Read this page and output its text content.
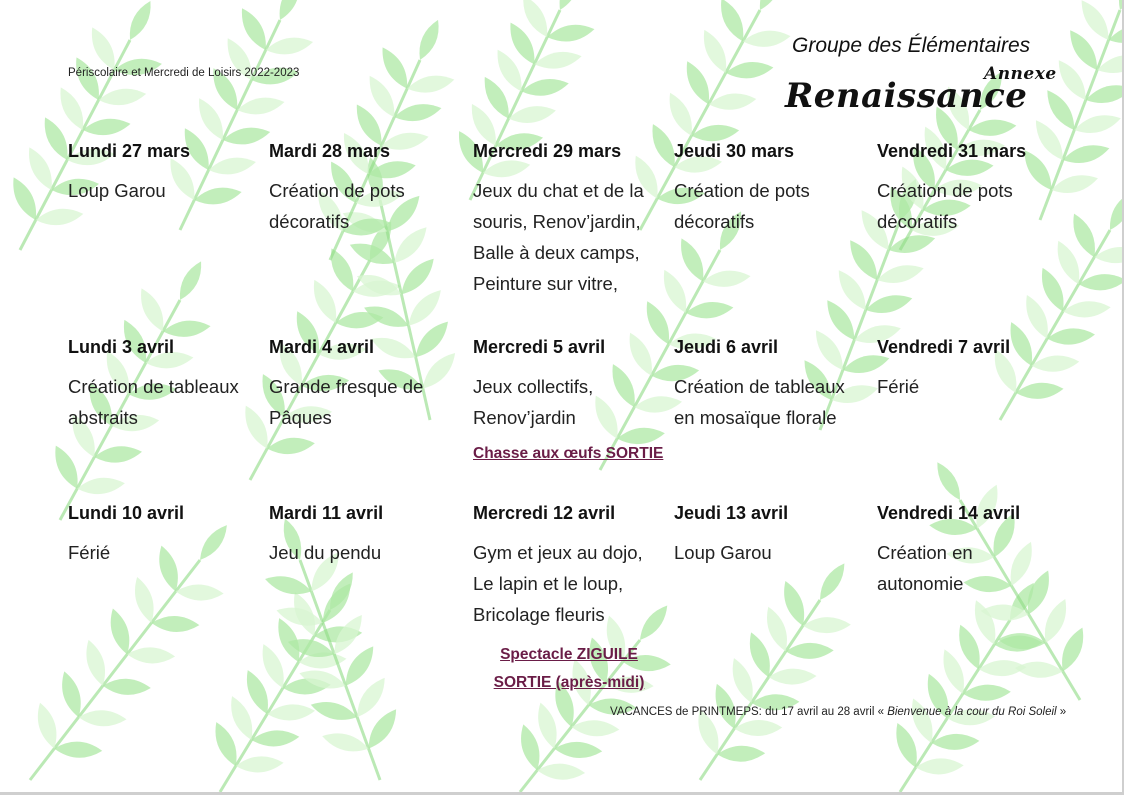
Périscolaire et Mercredi de Loisirs 2022-2023
Groupe des Élémentaires
Annexe
Renaissance
Lundi 27 mars
Loup Garou
Mardi 28 mars
Création de pots
décoratifs
Mercredi 29 mars
Jeux du chat et de la
souris, Renov’jardin,
Balle à deux camps,
Peinture sur vitre,
Jeudi 30 mars
Création de pots
décoratifs
Vendredi 31 mars
Création de pots
décoratifs
Lundi 3 avril
Création de tableaux
abstraits
Mardi 4 avril
Grande fresque de
Pâques
Mercredi 5 avril
Jeux collectifs,
Renov’jardin
Chasse aux œufs SORTIE
Jeudi 6 avril
Création de tableaux
en mosaïque florale
Vendredi 7 avril
Férié
Lundi 10 avril
Férié
Mardi 11 avril
Jeu du pendu
Mercredi 12 avril
Gym et jeux au dojo,
Le lapin et le loup,
Bricolage fleuris
Spectacle ZIGUILE
SORTIE (après-midi)
Jeudi 13 avril
Loup Garou
Vendredi 14 avril
Création en
autonomie
VACANCES de PRINTMEPS: du 17 avril au 28 avril « Bienvenue à la cour du Roi Soleil »
